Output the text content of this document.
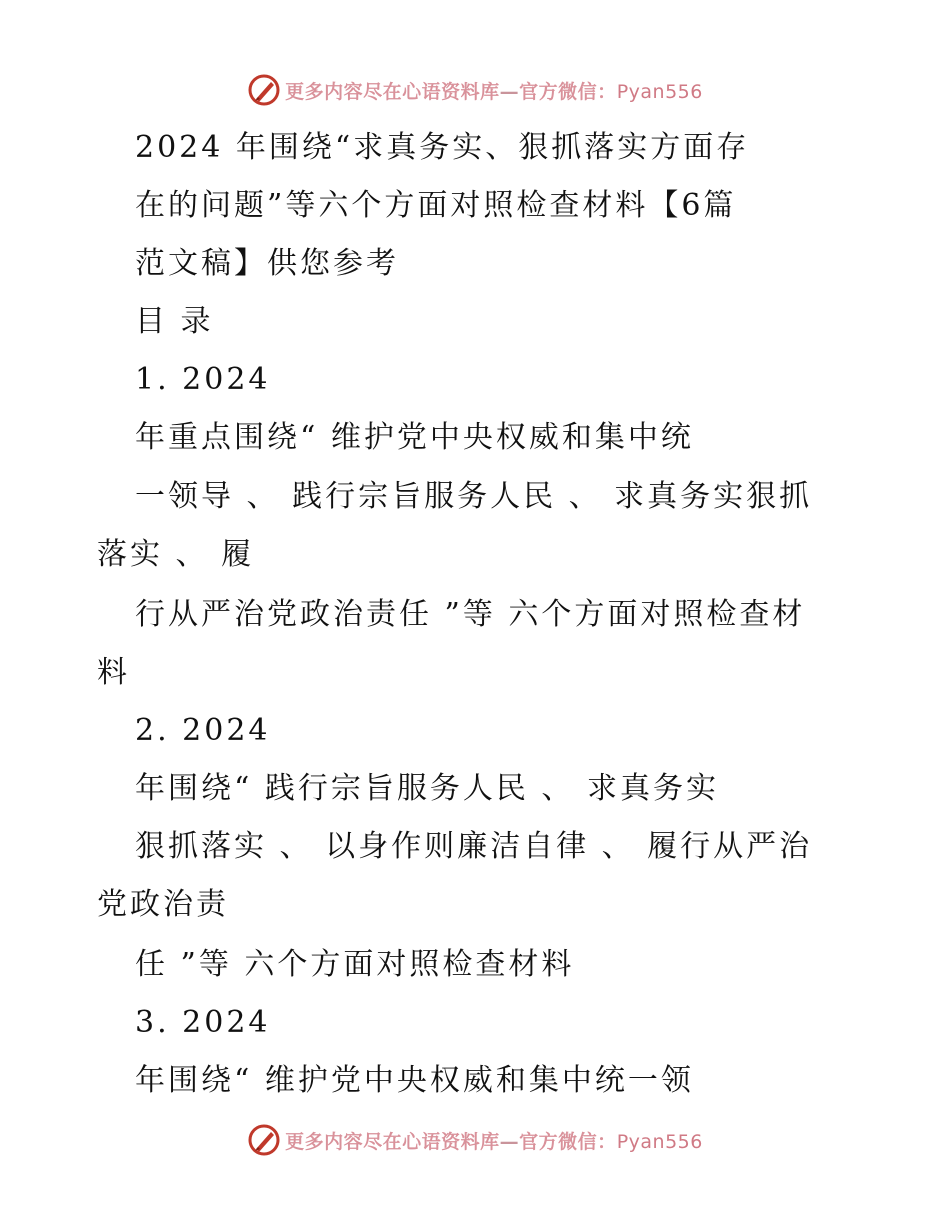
更多内容尽在心语资料库—官方微信：Pyan556
2024 年围绕“求真务实、狠抓落实方面存
在的问题”等六个方面对照检查材料【6篇
范文稿】供您参考
目 录
1. 2024
年重点围绕“ 维护党中央权威和集中统
一领导 、 践行宗旨服务人民 、 求真务实狠抓
落实 、 履
行从严治党政治责任 ”等 六个方面对照检查材
料
2. 2024
年围绕“ 践行宗旨服务人民 、 求真务实
狠抓落实 、 以身作则廉洁自律 、 履行从严治
党政治责
任 ”等 六个方面对照检查材料
3. 2024
年围绕“ 维护党中央权威和集中统一领
更多内容尽在心语资料库—官方微信：Pyan556
